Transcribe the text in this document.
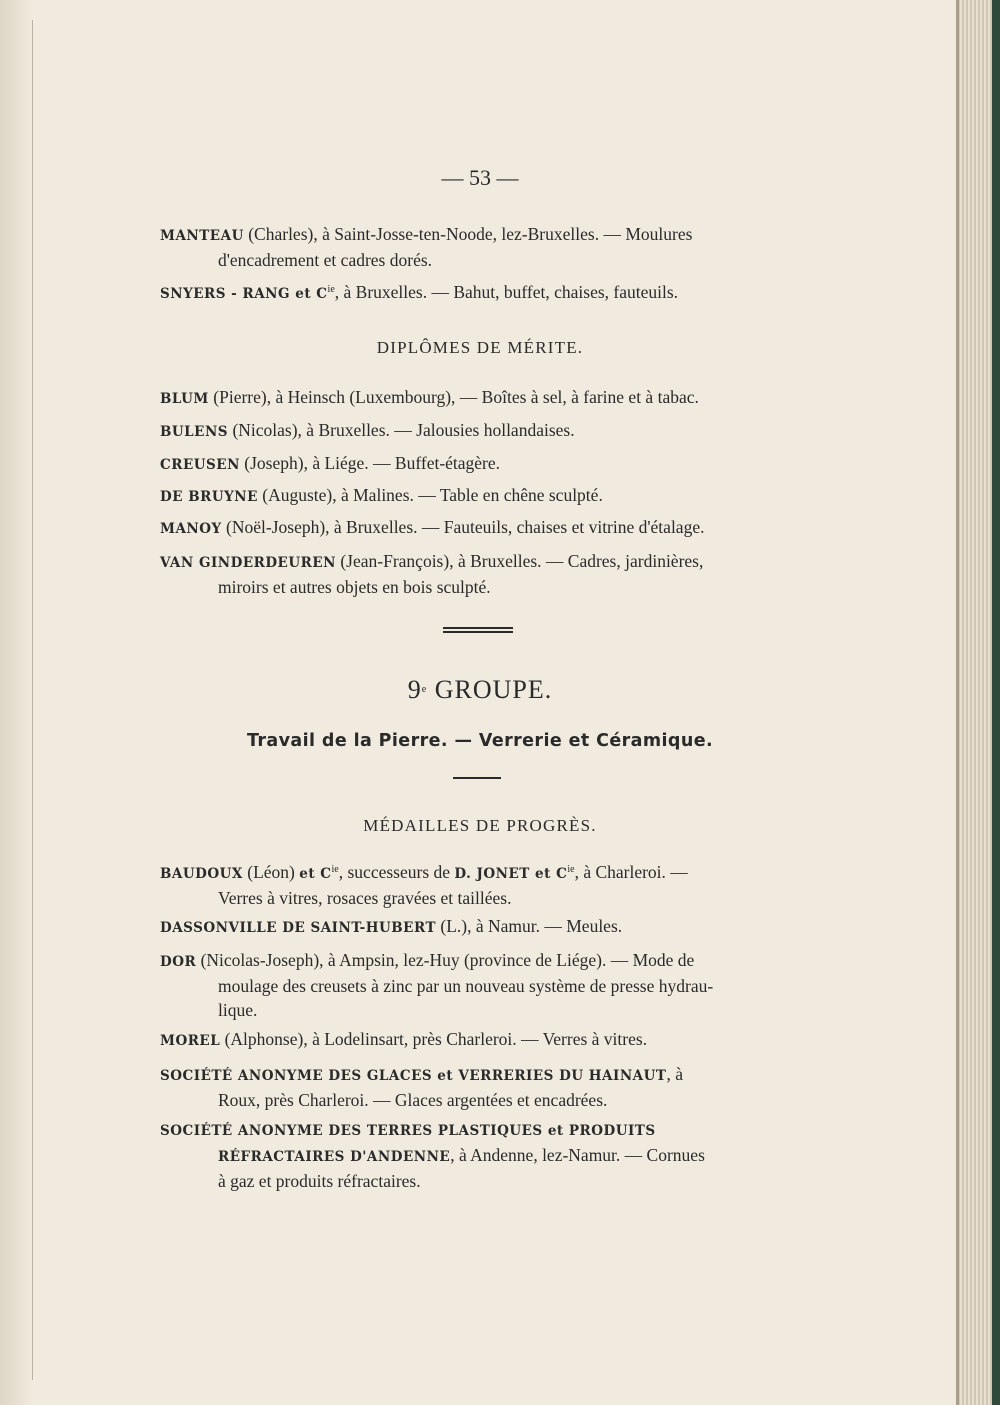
— 53 —

MANTEAU (Charles), à Saint-Josse-ten-Noode, lez-Bruxelles. — Moulures
d'encadrement et cadres dorés.

SNYERS - RANG et $C^{ie}$, à Bruxelles. — Bahut, buffet, chaises, fauteuils.

DIPLÔMES DE MÉRITE.

BLUM (Pierre), à Heinsch (Luxembourg), — Boîtes à sel, à farine et à tabac.

BULENS (Nicolas), à Bruxelles. — Jalousies hollandaises.

CREUSEN (Joseph), à Liége. — Buffet-étagère.

DE BRUYNE (Auguste), à Malines. — Table en chêne sculpté.

MANOY (Noël-Joseph), à Bruxelles. — Fauteuils, chaises et vitrine d'étalage.

VAN GINDERDEUREN (Jean-François), à Bruxelles. — Cadres, jardinières,
miroirs et autres objets en bois sculpté.

9e GROUPE.

Travail de la Pierre. — Verrerie et Céramique.

MÉDAILLES DE PROGRÈS.

BAUDOUX (Léon) et $C^{ie}$, successeurs de D. JONET et $C^{ie}$, à Charleroi. —
Verres à vitres, rosaces gravées et taillées.

DASSONVILLE DE SAINT-HUBERT (L.), à Namur. — Meules.

DOR (Nicolas-Joseph), à Ampsin, lez-Huy (province de Liége). — Mode de
moulage des creusets à zinc par un nouveau système de presse hydrau-
lique.

MOREL (Alphonse), à Lodelinsart, près Charleroi. — Verres à vitres.

SOCIÉTÉ ANONYME DES GLACES et VERRERIES DU HAINAUT, à
Roux, près Charleroi. — Glaces argentées et encadrées.

SOCIÉTÉ ANONYME DES TERRES PLASTIQUES et PRODUITS
RÉFRACTAIRES D'ANDENNE, à Andenne, lez-Namur. — Cornues
à gaz et produits réfractaires.
